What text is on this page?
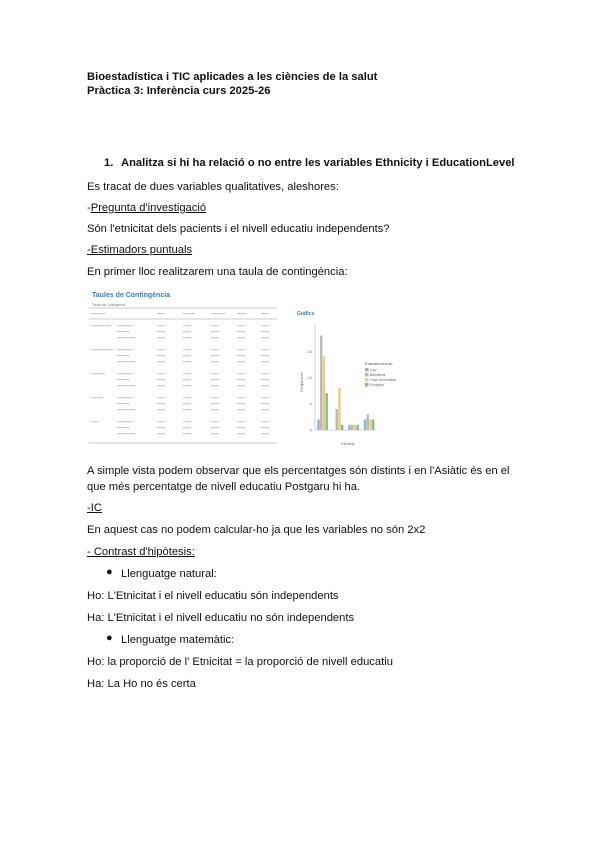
Bioestadística i TIC aplicades a les ciències de la salut
Pràctica 3: Inferència curs 2025-26
1. Analitza si hi ha relació o no entre les variables Ethnicity i EducationLevel
Es tracat de dues variables qualitatives, aleshores:
-Pregunta d'investigació
Són l'etnicitat dels pacients i el nivell educatiu independents?
-Estimadors puntuals
En primer lloc realitzarem una taula de contingència:
Taules de Contingència
Taules de Contingència
Gràfics
Freqüències
Ethnicity
0
5
10
15
EducationLevel
Cap
Batxillerat
Grau Universitari
Postgrau
A simple vista podem observar que els percentatges són distints i en l'Asiàtic és en el
que més percentatge de nivell educatiu Postgaru hi ha.
-IC
En aquest cas no podem calcular-ho ja que les variables no són 2x2
- Contrast d'hipòtesis:
● Llenguatge natural:
Ho: L'Etnicitat i el nivell educatiu són independents
Ha: L'Etnicitat i el nivell educatiu no són independents
● Llenguatge matemàtic:
Ho: la proporció de l' Etnicitat = la proporció de nivell educatiu
Ha: La Ho no és certa
